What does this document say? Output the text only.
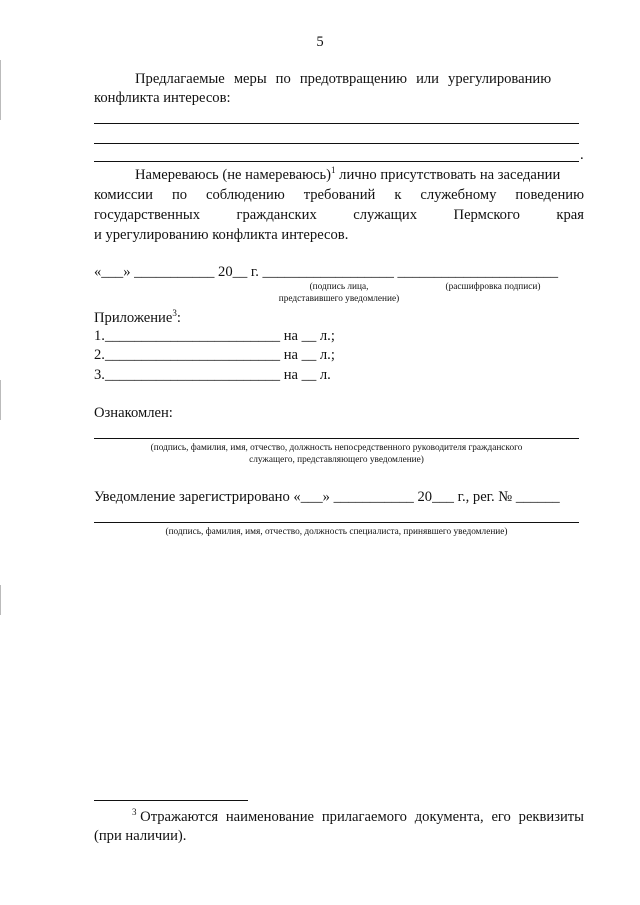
5
Предлагаемые меры по предотвращению или урегулированию
конфликта интересов:
.
Намереваюсь (не намереваюсь)$^1$ лично присутствовать на заседании
комиссии по соблюдению требований к служебному поведению
государственных	гражданских	служащих	Пермского	края
и урегулированию конфликта интересов.
«___» ___________ 20__ г. __________________ ______________________
(подпись лица,
представившего уведомление)
(расшифровка подписи)
Приложение$^3$:
1.________________________ на __ л.;
2.________________________ на __ л.;
3.________________________ на __ л.
Ознакомлен:
(подпись, фамилия, имя, отчество, должность непосредственного руководителя гражданского
служащего, представляющего уведомление)
Уведомление зарегистрировано «___» ___________ 20___ г., рег. № ______
(подпись, фамилия, имя, отчество, должность специалиста, принявшего уведомление)
$^3$ Отражаются наименование прилагаемого документа, его реквизиты
(при наличии).
